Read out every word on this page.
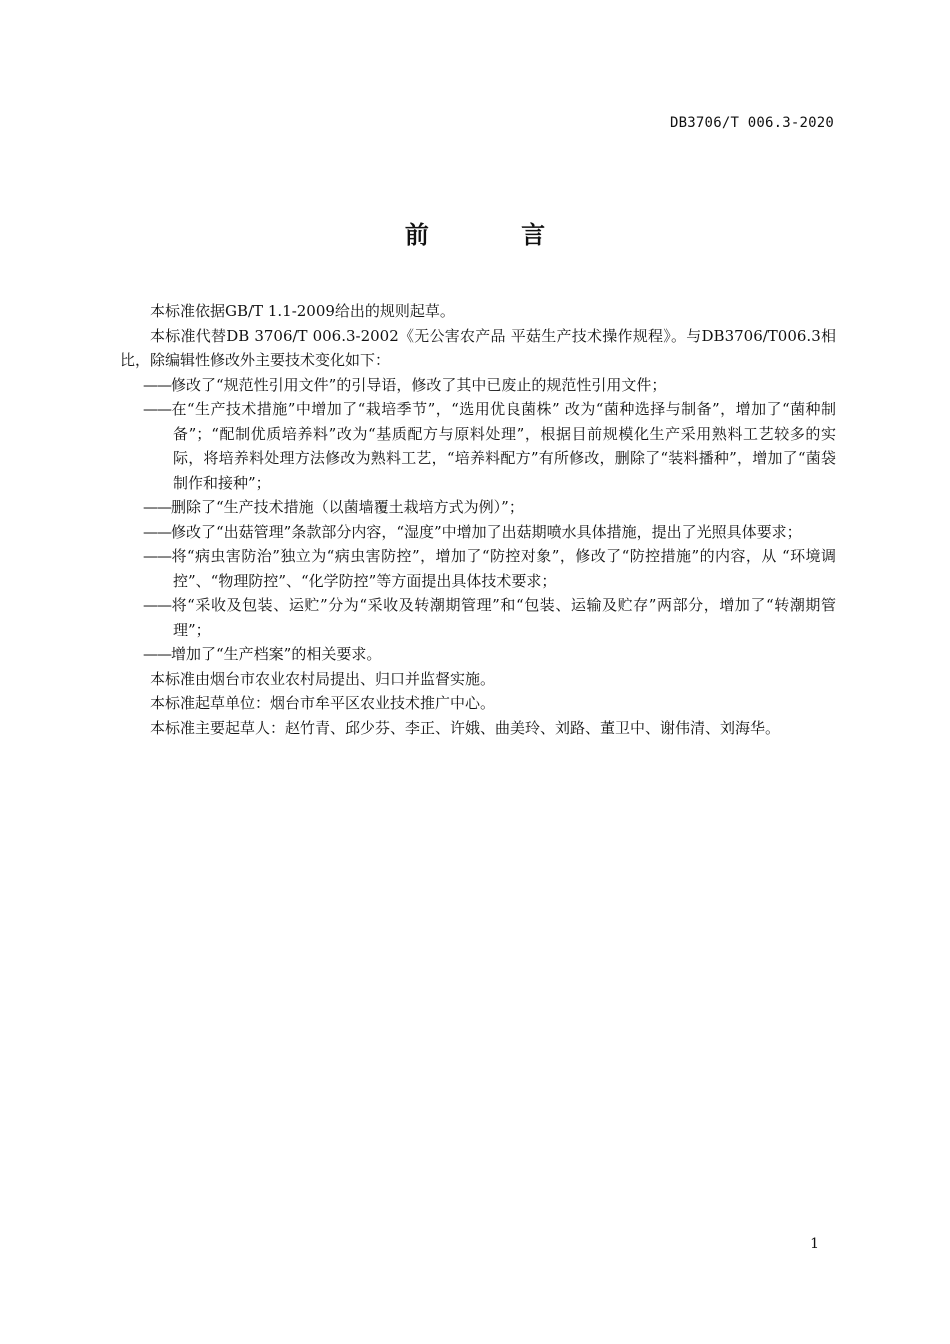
DB3706/T 006.3-2020
前 言

本标准依据GB/T 1.1-2009给出的规则起草。

本标准代替DB 3706/T 006.3-2002《无公害农产品 平菇生产技术操作规程》。与DB3706/T006.3相比，除编辑性修改外主要技术变化如下：

——修改了“规范性引用文件”的引导语，修改了其中已废止的规范性引用文件；

——在“生产技术措施”中增加了“栽培季节”，“选用优良菌株” 改为“菌种选择与制备”，增加了“菌种制备”；“配制优质培养料”改为“基质配方与原料处理”，根据目前规模化生产采用熟料工艺较多的实际，将培养料处理方法修改为熟料工艺，“培养料配方”有所修改，删除了“装料播种”，增加了“菌袋制作和接种”；

——删除了“生产技术措施（以菌墙覆土栽培方式为例）”；

——修改了“出菇管理”条款部分内容，“湿度”中增加了出菇期喷水具体措施，提出了光照具体要求；

——将“病虫害防治”独立为“病虫害防控”，增加了“防控对象”，修改了“防控措施”的内容，从 “环境调控”、“物理防控”、“化学防控”等方面提出具体技术要求；

——将“采收及包装、运贮”分为“采收及转潮期管理”和“包装、运输及贮存”两部分，增加了“转潮期管理”；

——增加了“生产档案”的相关要求。

本标准由烟台市农业农村局提出、归口并监督实施。

本标准起草单位：烟台市牟平区农业技术推广中心。

本标准主要起草人：赵竹青、邱少芬、李正、许娥、曲美玲、刘路、董卫中、谢伟清、刘海华。

1
